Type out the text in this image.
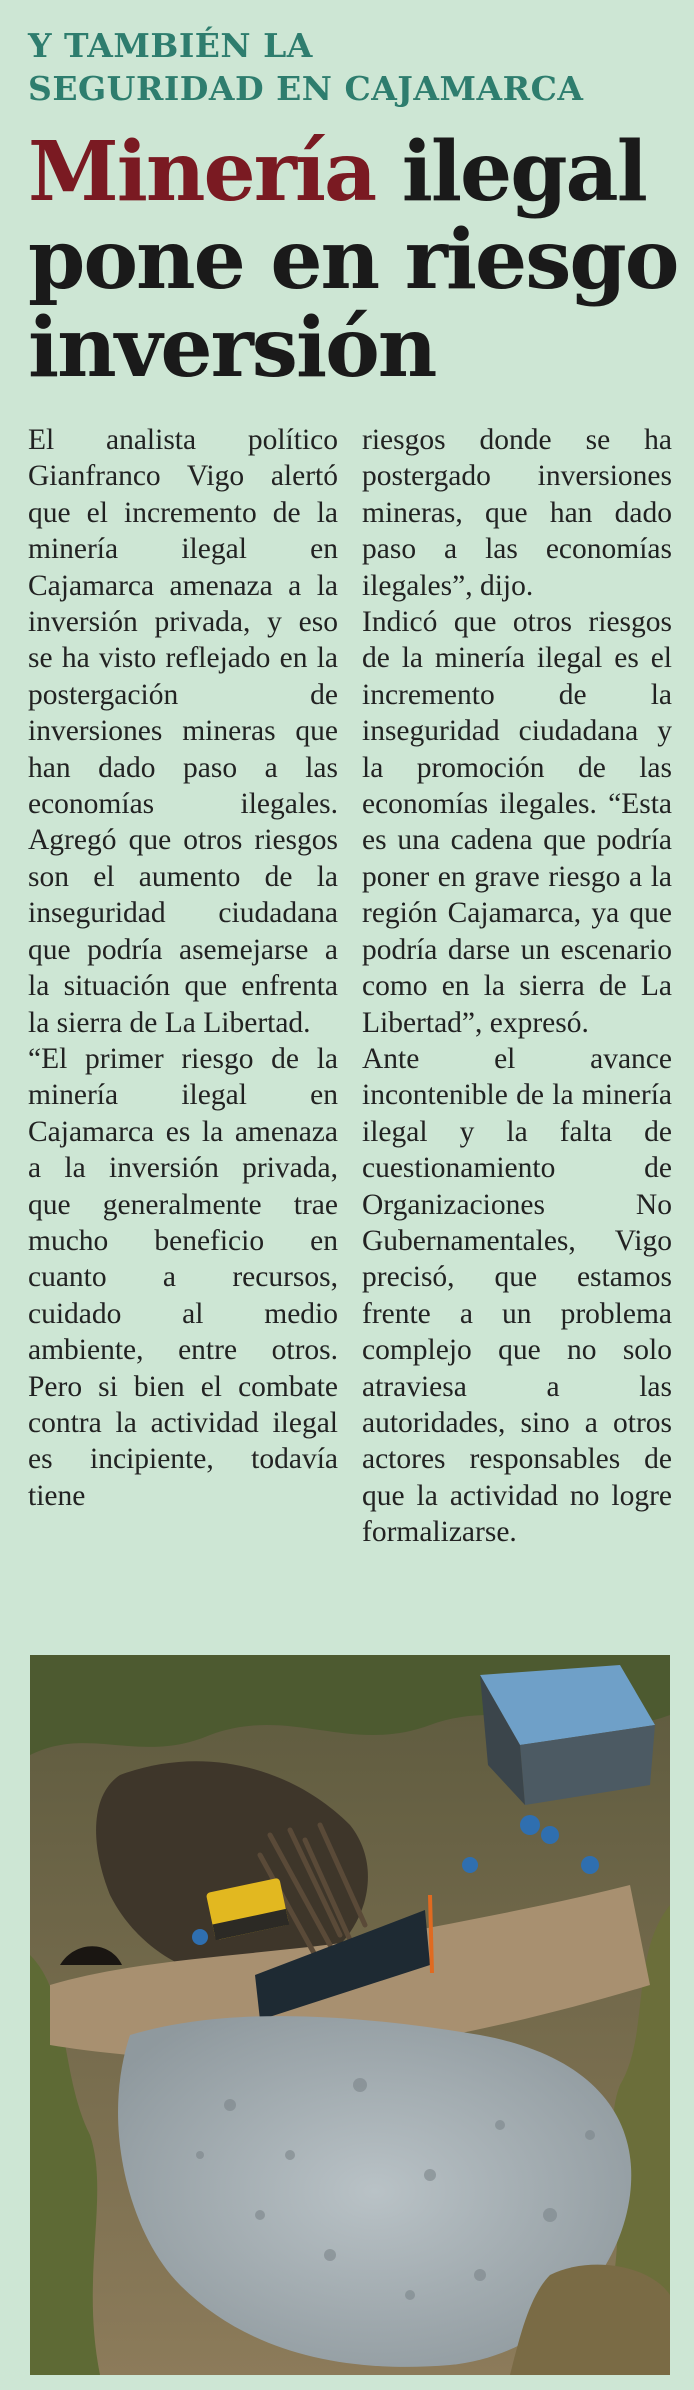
Y TAMBIÉN LA
SEGURIDAD EN CAJAMARCA
Minería ilegal
pone en riesgo
inversión

El analista político Gianfranco Vigo alertó que el incremento de la minería ilegal en Cajamarca amenaza a la inversión privada, y eso se ha visto reflejado en la postergación de inversiones mineras que han dado paso a las economías ilegales. Agregó que otros riesgos son el aumento de la inseguridad ciudadana que podría asemejarse a la situación que enfrenta la sierra de La Libertad.

“El primer riesgo de la minería ilegal en Cajamarca es la amenaza a la inversión privada, que generalmente trae mucho beneficio en cuanto a recursos, cuidado al medio ambiente, entre otros. Pero si bien el combate contra la actividad ilegal es incipiente, todavía tiene

riesgos donde se ha postergado inversiones mineras, que han dado paso a las economías ilegales”, dijo.

Indicó que otros riesgos de la minería ilegal es el incremento de la inseguridad ciudadana y la promoción de las economías ilegales. “Esta es una cadena que podría poner en grave riesgo a la región Cajamarca, ya que podría darse un escenario como en la sierra de La Libertad”, expresó.

Ante el avance incontenible de la minería ilegal y la falta de cuestionamiento de Organizaciones No Gubernamentales, Vigo precisó, que estamos frente a un problema complejo que no solo atraviesa a las autoridades, sino a otros actores responsables de que la actividad no logre formalizarse.
